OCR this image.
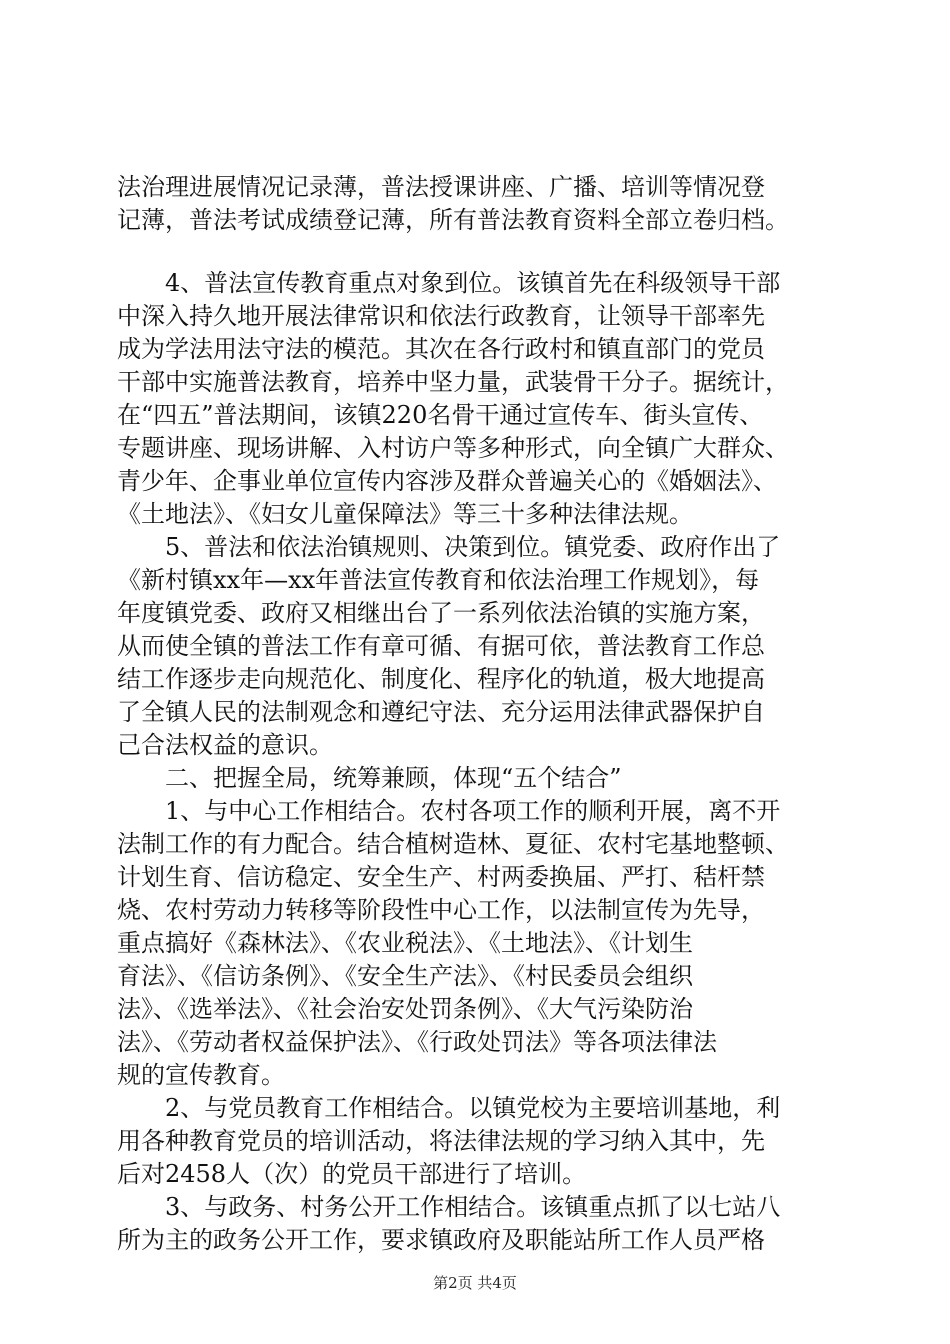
法治理进展情况记录薄，普法授课讲座、广播、培训等情况登
记薄，普法考试成绩登记薄，所有普法教育资料全部立卷归档。
　　4、普法宣传教育重点对象到位。该镇首先在科级领导干部
中深入持久地开展法律常识和依法行政教育，让领导干部率先
成为学法用法守法的模范。其次在各行政村和镇直部门的党员
干部中实施普法教育，培养中坚力量，武装骨干分子。据统计，
在“四五”普法期间，该镇220名骨干通过宣传车、街头宣传、
专题讲座、现场讲解、入村访户等多种形式，向全镇广大群众、
青少年、企事业单位宣传内容涉及群众普遍关心的《婚姻法》、
《土地法》、《妇女儿童保障法》等三十多种法律法规。
　　5、普法和依法治镇规则、决策到位。镇党委、政府作出了
《新村镇xx年—xx年普法宣传教育和依法治理工作规划》，每
年度镇党委、政府又相继出台了一系列依法治镇的实施方案，
从而使全镇的普法工作有章可循、有据可依，普法教育工作总
结工作逐步走向规范化、制度化、程序化的轨道，极大地提高
了全镇人民的法制观念和遵纪守法、充分运用法律武器保护自
己合法权益的意识。
　　二、把握全局，统筹兼顾，体现“五个结合”
　　1、与中心工作相结合。农村各项工作的顺利开展，离不开
法制工作的有力配合。结合植树造林、夏征、农村宅基地整顿、
计划生育、信访稳定、安全生产、村两委换届、严打、秸杆禁
烧、农村劳动力转移等阶段性中心工作，以法制宣传为先导，
重点搞好《森林法》、《农业税法》、《土地法》、《计划生
育法》、《信访条例》、《安全生产法》、《村民委员会组织
法》、《选举法》、《社会治安处罚条例》、《大气污染防治
法》、《劳动者权益保护法》、《行政处罚法》等各项法律法
规的宣传教育。
　　2、与党员教育工作相结合。以镇党校为主要培训基地，利
用各种教育党员的培训活动，将法律法规的学习纳入其中，先
后对2458人（次）的党员干部进行了培训。
　　3、与政务、村务公开工作相结合。该镇重点抓了以七站八
所为主的政务公开工作，要求镇政府及职能站所工作人员严格
第2页 共4页
